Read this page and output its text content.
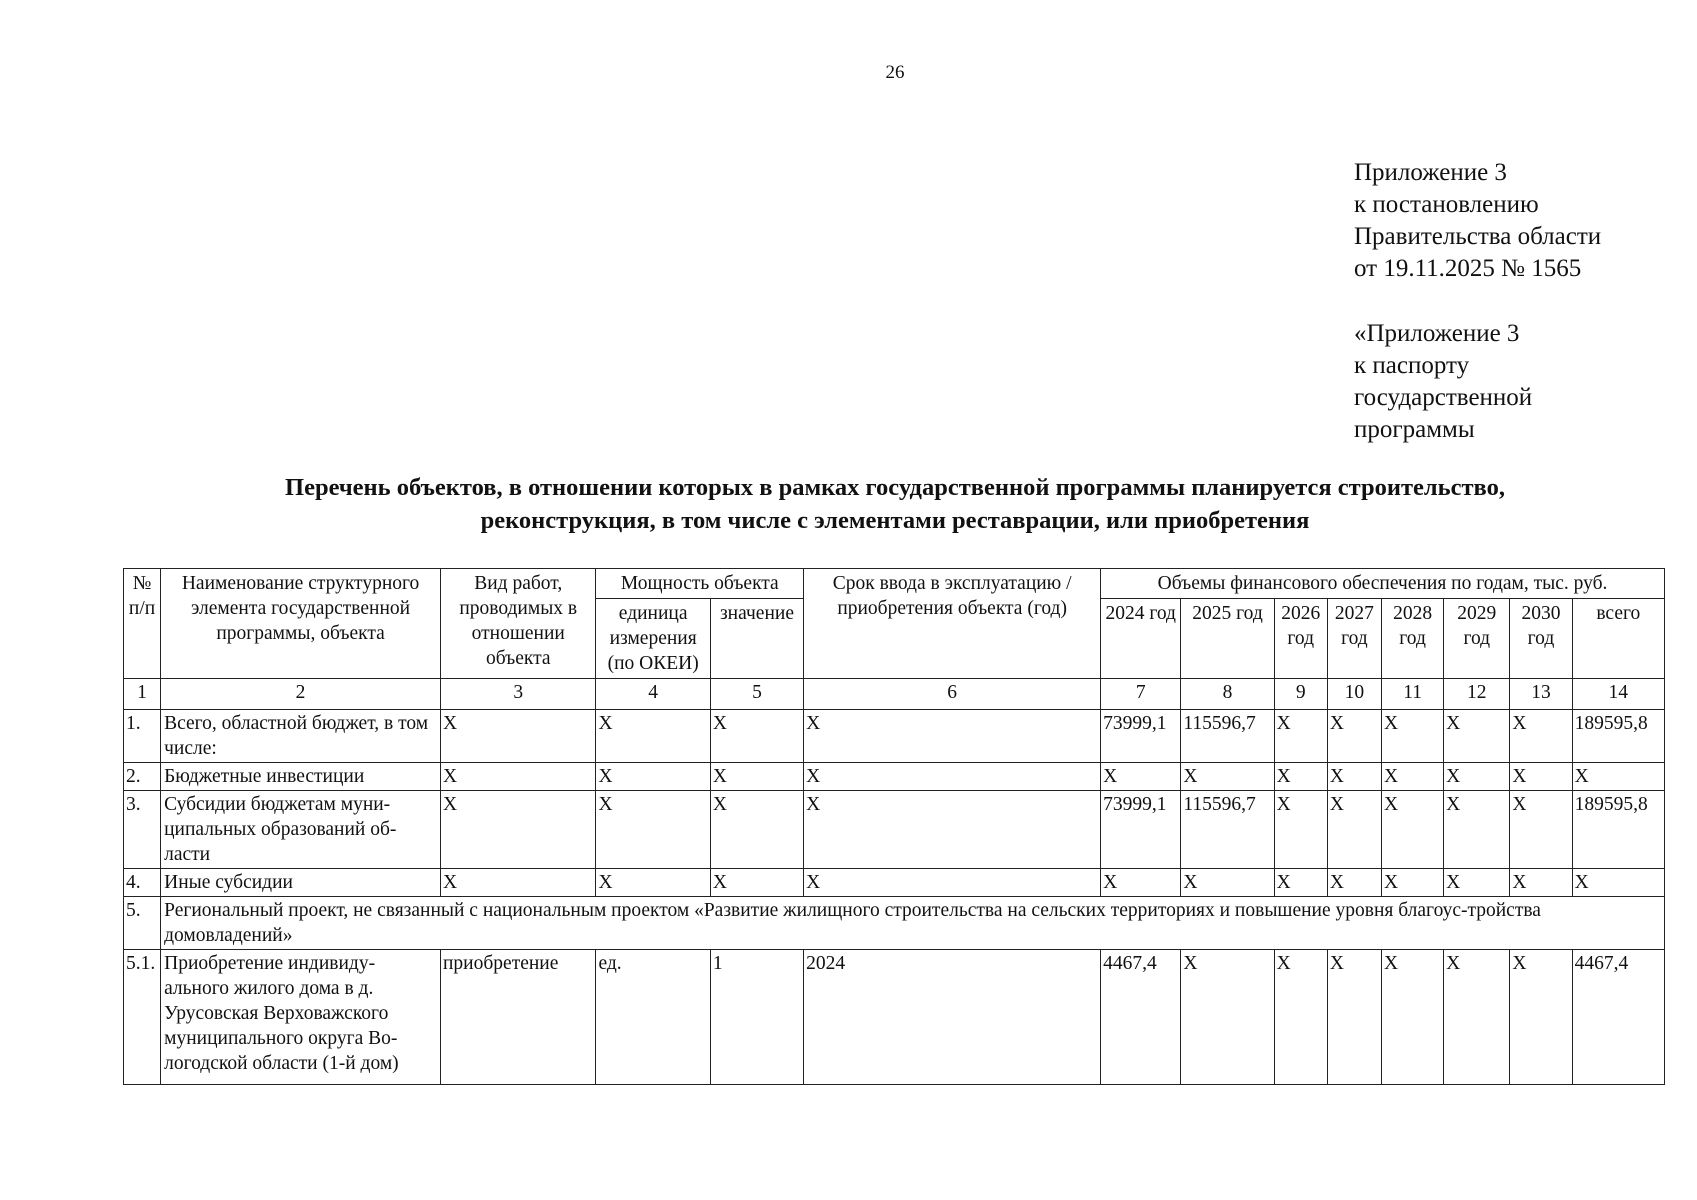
26
Приложение 3
к постановлению
Правительства области
от 19.11.2025 № 1565
«Приложение 3
к паспорту
государственной
программы
Перечень объектов, в отношении которых в рамках государственной программы планируется строительство,
реконструкция, в том числе с элементами реставрации, или приобретения
№ п/п	Наименование структурного элемента государственной программы, объекта	Вид работ, проводимых в отношении объекта	Мощность объекта		Срок ввода в эксплуатацию / приобретения объекта (год)	Объемы финансового обеспечения по годам, тыс. руб.							
			единица измерения (по ОКЕИ)	значение		2024 год	2025 год	2026 год	2027 год	2028 год	2029 год	2030 год	всего
1	2	3	4	5	6	7	8	9	10	11	12	13	14
1.	Всего, областной бюджет, в том числе:	X	X	X	X	73999,1	115596,7	X	X	X	X	X	189595,8
2.	Бюджетные инвестиции	X	X	X	X	X	X	X	X	X	X	X	X
3.	Субсидии бюджетам муни-ципальных образований об-ласти	X	X	X	X	73999,1	115596,7	X	X	X	X	X	189595,8
4.	Иные субсидии	X	X	X	X	X	X	X	X	X	X	X	X
5.	Региональный проект, не связанный с национальным проектом «Развитие жилищного строительства на сельских территориях и повышение уровня благоус-тройства домовладений»												
5.1.	Приобретение индивиду-ального жилого дома в д. Урусовская Верховажского муниципального округа Во-логодской области (1-й дом)	приобретение	ед.	1	2024	4467,4	X	X	X	X	X	X	4467,4
